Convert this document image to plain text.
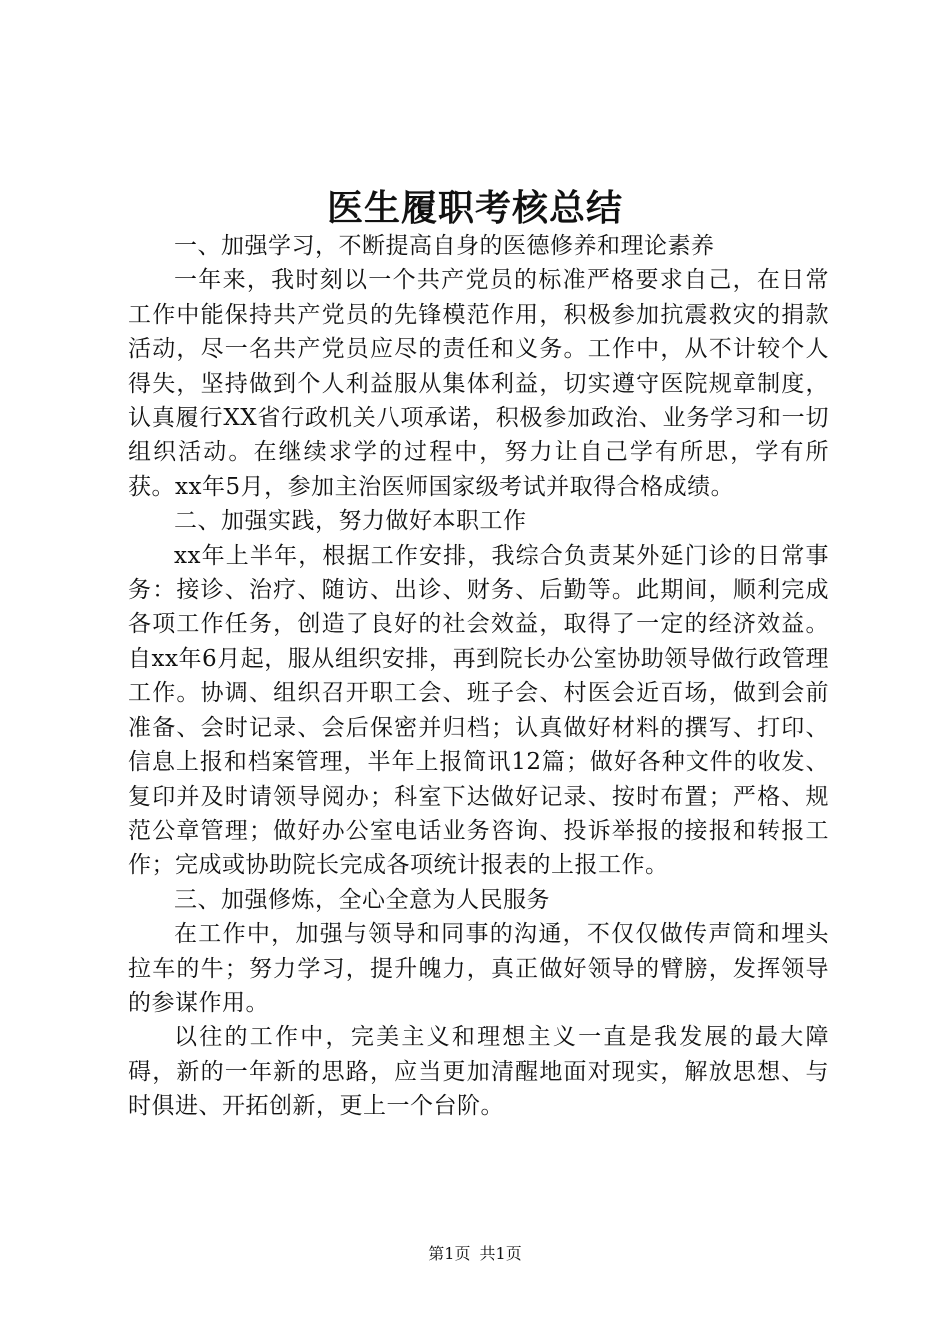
医生履职考核总结

一、加强学习，不断提高自身的医德修养和理论素养

一年来，我时刻以一个共产党员的标准严格要求自己，在日常工作中能保持共产党员的先锋模范作用，积极参加抗震救灾的捐款活动，尽一名共产党员应尽的责任和义务。工作中，从不计较个人得失，坚持做到个人利益服从集体利益，切实遵守医院规章制度，认真履行XX省行政机关八项承诺，积极参加政治、业务学习和一切组织活动。在继续求学的过程中，努力让自己学有所思，学有所获。xx年5月，参加主治医师国家级考试并取得合格成绩。

二、加强实践，努力做好本职工作

xx年上半年，根据工作安排，我综合负责某外延门诊的日常事务：接诊、治疗、随访、出诊、财务、后勤等。此期间，顺利完成各项工作任务，创造了良好的社会效益，取得了一定的经济效益。自xx年6月起，服从组织安排，再到院长办公室协助领导做行政管理工作。协调、组织召开职工会、班子会、村医会近百场，做到会前准备、会时记录、会后保密并归档；认真做好材料的撰写、打印、信息上报和档案管理，半年上报简讯12篇；做好各种文件的收发、复印并及时请领导阅办；科室下达做好记录、按时布置；严格、规范公章管理；做好办公室电话业务咨询、投诉举报的接报和转报工作；完成或协助院长完成各项统计报表的上报工作。

三、加强修炼，全心全意为人民服务

在工作中，加强与领导和同事的沟通，不仅仅做传声筒和埋头拉车的牛；努力学习，提升魄力，真正做好领导的臂膀，发挥领导的参谋作用。

以往的工作中，完美主义和理想主义一直是我发展的最大障碍，新的一年新的思路，应当更加清醒地面对现实，解放思想、与时俱进、开拓创新，更上一个台阶。

第1页 共1页
